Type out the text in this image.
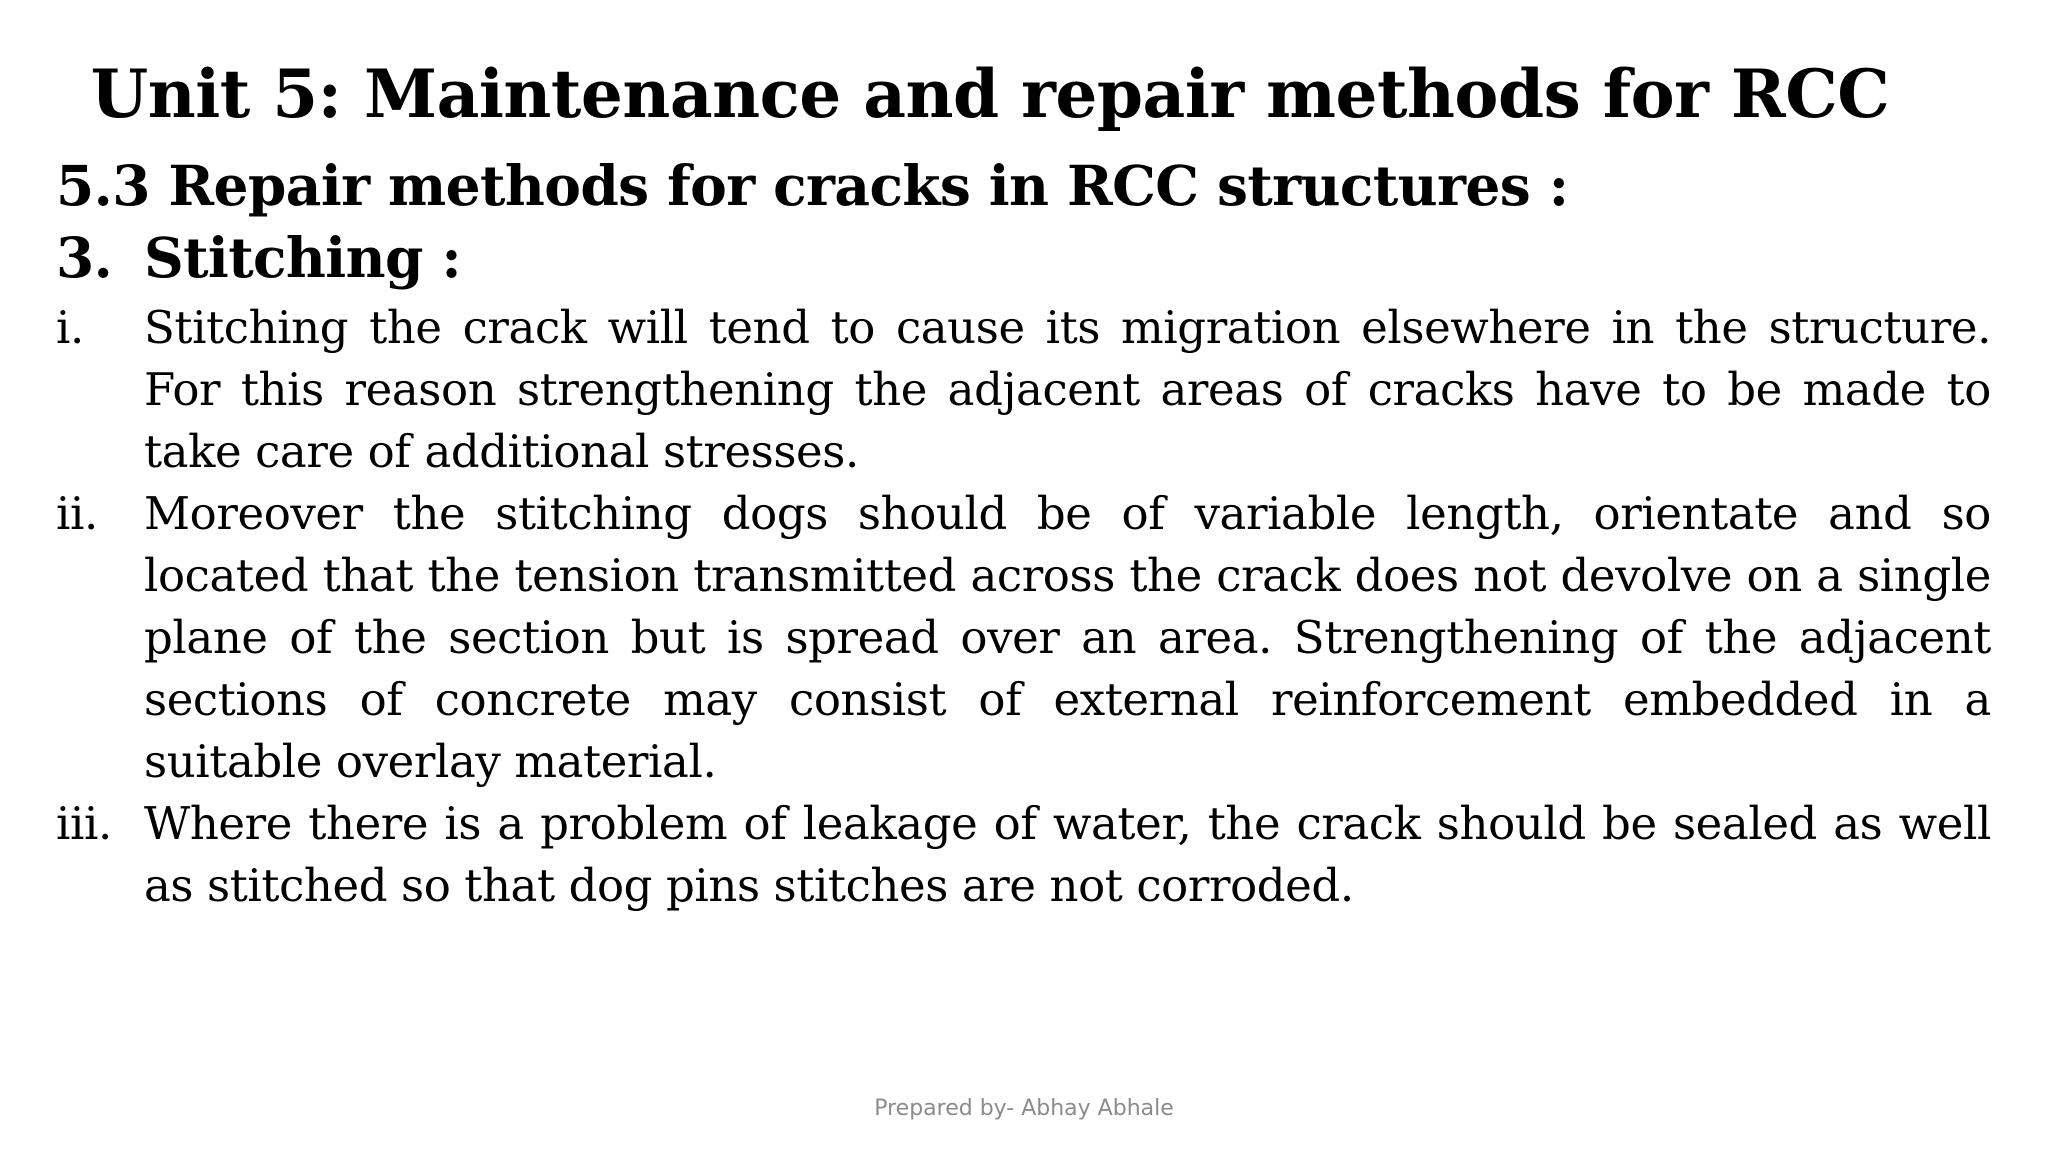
Unit 5: Maintenance and repair methods for RCC
5.3 Repair methods for cracks in RCC structures :
3. Stitching :
i.	Stitching the crack will tend to cause its migration elsewhere in the structure. For this reason strengthening the adjacent areas of cracks have to be made to take care of additional stresses.
ii.	Moreover the stitching dogs should be of variable length, orientate and so located that the tension transmitted across the crack does not devolve on a single plane of the section but is spread over an area. Strengthening of the adjacent sections of concrete may consist of external reinforcement embedded in a suitable overlay material.
iii. Where there is a problem of leakage of water, the crack should be sealed as well as stitched so that dog pins stitches are not corroded.
Prepared by- Abhay Abhale
